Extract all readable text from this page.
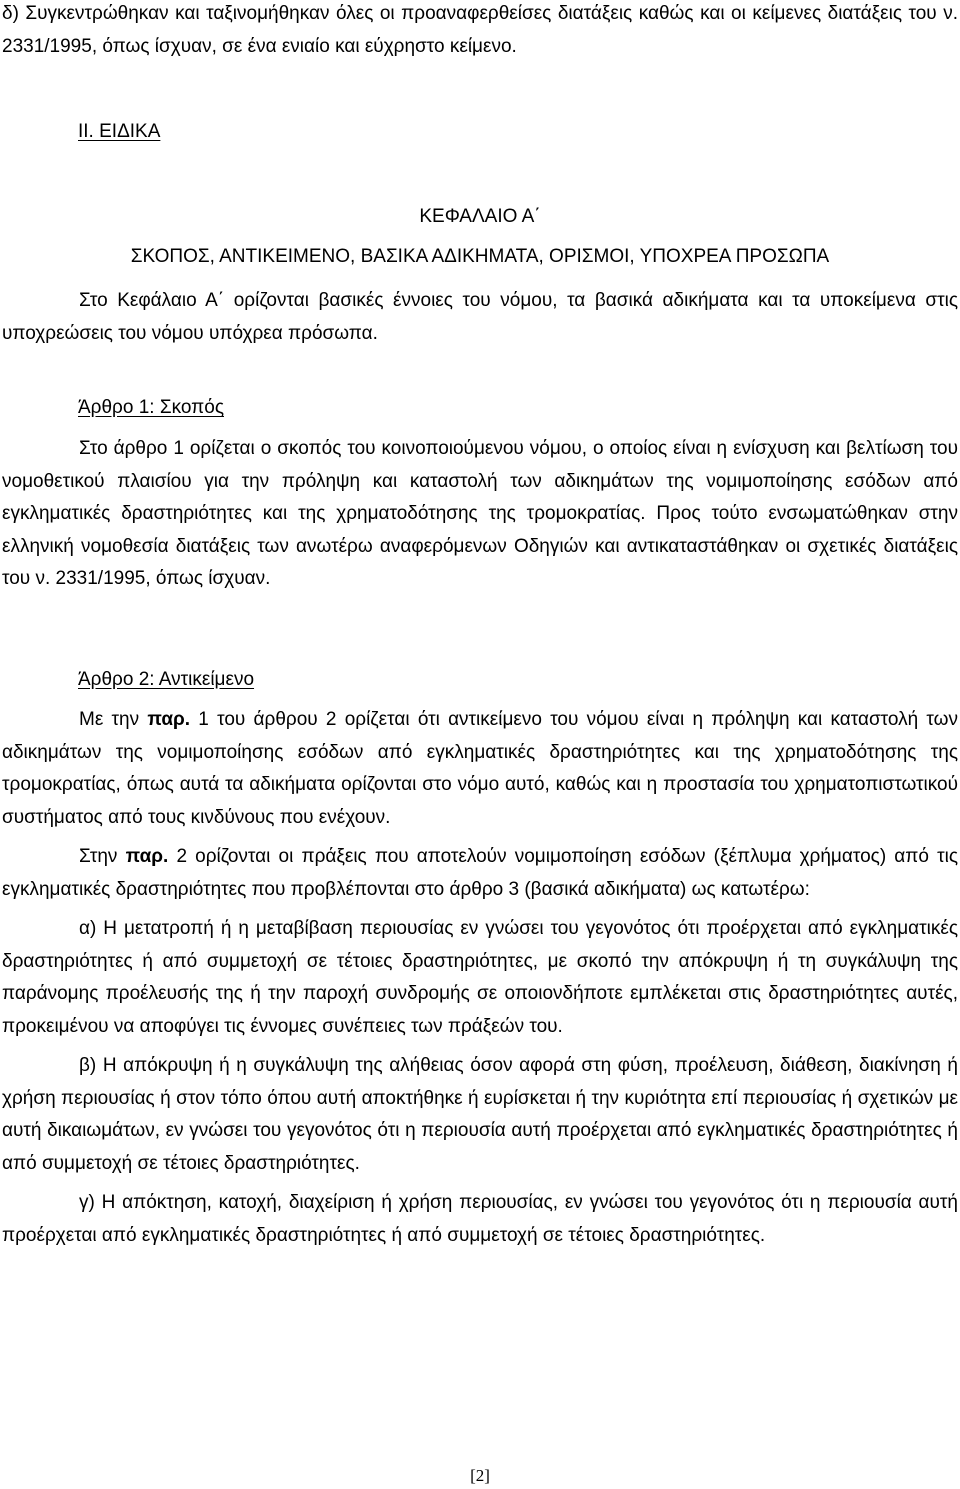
δ) Συγκεντρώθηκαν και ταξινομήθηκαν όλες οι προαναφερθείσες διατάξεις καθώς και οι κείμενες διατάξεις του ν. 2331/1995, όπως ίσχυαν, σε ένα ενιαίο και εύχρηστο κείμενο.

II. ΕΙΔΙΚΑ
ΚΕΦΑΛΑΙΟ Α΄
ΣΚΟΠΟΣ, ΑΝΤΙΚΕΙΜΕΝΟ, ΒΑΣΙΚΑ ΑΔΙΚΗΜΑΤΑ, ΟΡΙΣΜΟΙ, ΥΠΟΧΡΕΑ ΠΡΟΣΩΠΑ

Στο Κεφάλαιο Α΄ ορίζονται βασικές έννοιες του νόμου, τα βασικά αδικήματα και τα υποκείμενα στις υποχρεώσεις του νόμου υπόχρεα πρόσωπα.

Άρθρο 1: Σκοπός

Στο άρθρο 1 ορίζεται ο σκοπός του κοινοποιούμενου νόμου, ο οποίος είναι η ενίσχυση και βελτίωση του νομοθετικού πλαισίου για την πρόληψη και καταστολή των αδικημάτων της νομιμοποίησης εσόδων από εγκληματικές δραστηριότητες και της χρηματοδότησης της τρομοκρατίας. Προς τούτο ενσωματώθηκαν στην ελληνική νομοθεσία διατάξεις των ανωτέρω αναφερόμενων Οδηγιών και αντικαταστάθηκαν οι σχετικές διατάξεις του ν. 2331/1995, όπως ίσχυαν.

Άρθρο 2: Αντικείμενο

Με την παρ. 1 του άρθρου 2 ορίζεται ότι αντικείμενο του νόμου είναι η πρόληψη και καταστολή των αδικημάτων της νομιμοποίησης εσόδων από εγκληματικές δραστηριότητες και της χρηματοδότησης της τρομοκρατίας, όπως αυτά τα αδικήματα ορίζονται στο νόμο αυτό, καθώς και η προστασία του χρηματοπιστωτικού συστήματος από τους κινδύνους που ενέχουν.

Στην παρ. 2 ορίζονται οι πράξεις που αποτελούν νομιμοποίηση εσόδων (ξέπλυμα χρήματος) από τις εγκληματικές δραστηριότητες που προβλέπονται στο άρθρο 3 (βασικά αδικήματα) ως κατωτέρω:

α) Η μετατροπή ή η μεταβίβαση περιουσίας εν γνώσει του γεγονότος ότι προέρχεται από εγκληματικές δραστηριότητες ή από συμμετοχή σε τέτοιες δραστηριότητες, με σκοπό την απόκρυψη ή τη συγκάλυψη της παράνομης προέλευσής της ή την παροχή συνδρομής σε οποιονδήποτε εμπλέκεται στις δραστηριότητες αυτές, προκειμένου να αποφύγει τις έννομες συνέπειες των πράξεών του.

β) Η απόκρυψη ή η συγκάλυψη της αλήθειας όσον αφορά στη φύση, προέλευση, διάθεση, διακίνηση ή χρήση περιουσίας ή στον τόπο όπου αυτή αποκτήθηκε ή ευρίσκεται ή την κυριότητα επί περιουσίας ή σχετικών με αυτή δικαιωμάτων, εν γνώσει του γεγονότος ότι η περιουσία αυτή προέρχεται από εγκληματικές δραστηριότητες ή από συμμετοχή σε τέτοιες δραστηριότητες.

γ) Η απόκτηση, κατοχή, διαχείριση ή χρήση περιουσίας, εν γνώσει του γεγονότος ότι η περιουσία αυτή προέρχεται από εγκληματικές δραστηριότητες ή από συμμετοχή σε τέτοιες δραστηριότητες.

[2]
